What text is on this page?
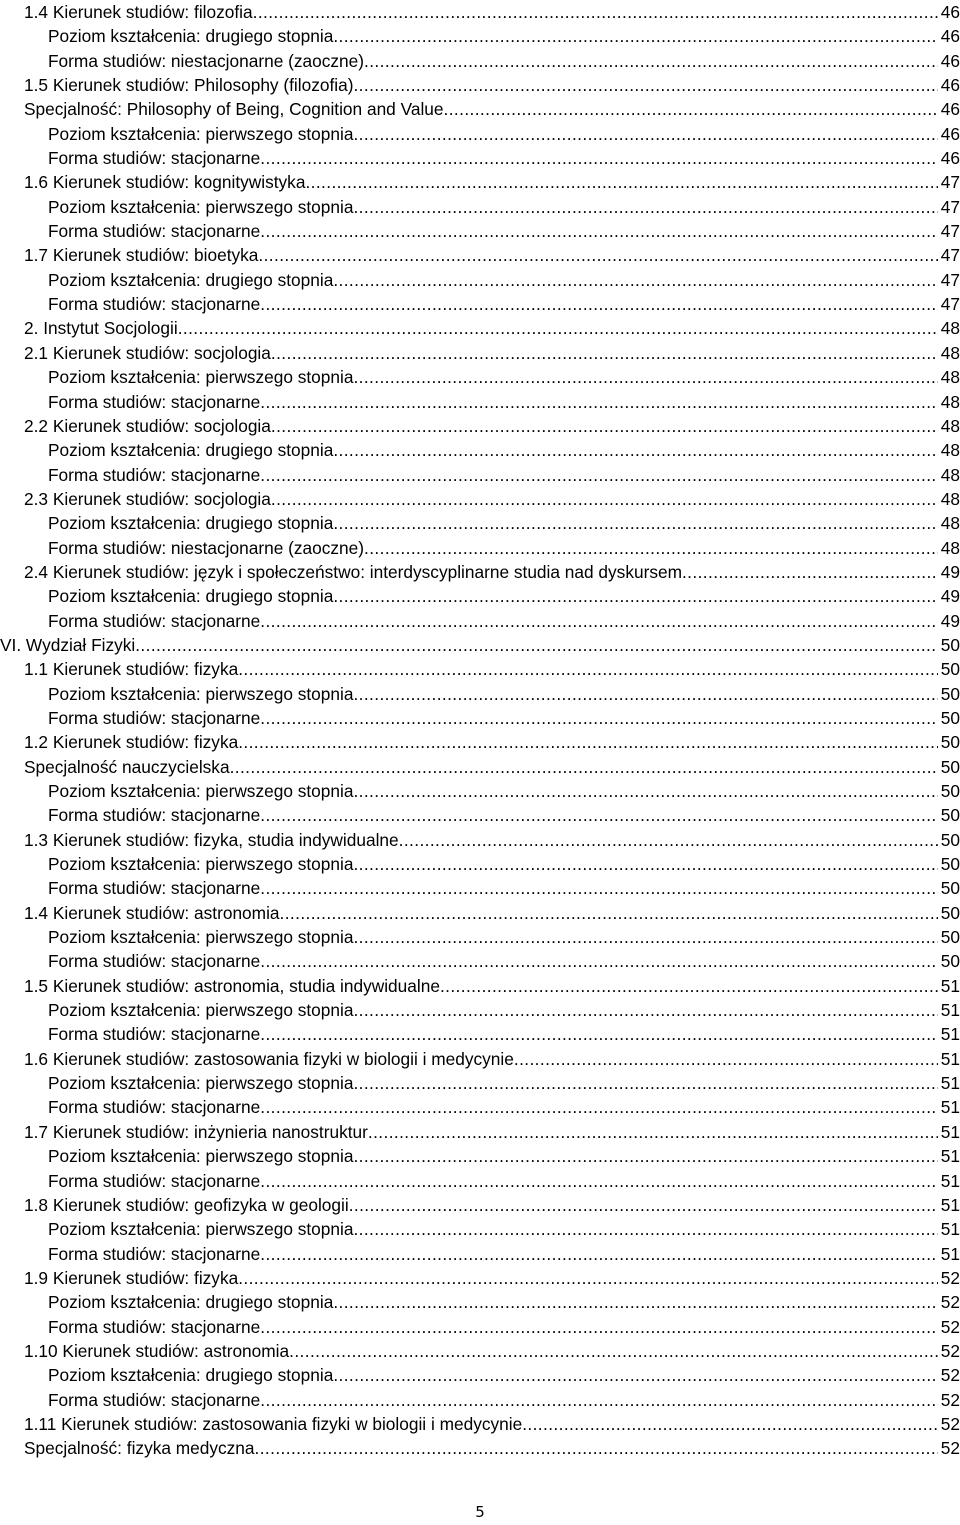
1.4 Kierunek studiów: filozofia . . .	46
Poziom kształcenia: drugiego stopnia . . .	46
Forma studiów: niestacjonarne (zaoczne) . . .	46
1.5 Kierunek studiów: Philosophy (filozofia) . . .	46
Specjalność: Philosophy of Being, Cognition and Value . . .	46
Poziom kształcenia: pierwszego stopnia . . .	46
Forma studiów: stacjonarne . . .	46
1.6 Kierunek studiów: kognitywistyka . . .	47
Poziom kształcenia: pierwszego stopnia . . .	47
Forma studiów: stacjonarne . . .	47
1.7 Kierunek studiów: bioetyka . . .	47
Poziom kształcenia: drugiego stopnia . . .	47
Forma studiów: stacjonarne . . .	47
2. Instytut Socjologii . . .	48
2.1 Kierunek studiów: socjologia . . .	48
Poziom kształcenia: pierwszego stopnia . . .	48
Forma studiów: stacjonarne . . .	48
2.2 Kierunek studiów: socjologia . . .	48
Poziom kształcenia: drugiego stopnia . . .	48
Forma studiów: stacjonarne . . .	48
2.3 Kierunek studiów: socjologia . . .	48
Poziom kształcenia: drugiego stopnia . . .	48
Forma studiów: niestacjonarne (zaoczne) . . .	48
2.4 Kierunek studiów: język i społeczeństwo: interdyscyplinarne studia nad dyskursem . . .	49
Poziom kształcenia: drugiego stopnia . . .	49
Forma studiów: stacjonarne . . .	49
VI. Wydział Fizyki . . .	50
1.1 Kierunek studiów: fizyka . . .	50
Poziom kształcenia: pierwszego stopnia . . .	50
Forma studiów: stacjonarne . . .	50
1.2 Kierunek studiów: fizyka . . .	50
Specjalność nauczycielska . . .	50
Poziom kształcenia: pierwszego stopnia . . .	50
Forma studiów: stacjonarne . . .	50
1.3 Kierunek studiów: fizyka, studia indywidualne . . .	50
Poziom kształcenia: pierwszego stopnia . . .	50
Forma studiów: stacjonarne . . .	50
1.4 Kierunek studiów: astronomia . . .	50
Poziom kształcenia: pierwszego stopnia . . .	50
Forma studiów: stacjonarne . . .	50
1.5 Kierunek studiów: astronomia, studia indywidualne . . .	51
Poziom kształcenia: pierwszego stopnia . . .	51
Forma studiów: stacjonarne . . .	51
1.6 Kierunek studiów: zastosowania fizyki w biologii i medycynie . . .	51
Poziom kształcenia: pierwszego stopnia . . .	51
Forma studiów: stacjonarne . . .	51
1.7 Kierunek studiów: inżynieria nanostruktur . . .	51
Poziom kształcenia: pierwszego stopnia . . .	51
Forma studiów: stacjonarne . . .	51
1.8 Kierunek studiów: geofizyka w geologii . . .	51
Poziom kształcenia: pierwszego stopnia . . .	51
Forma studiów: stacjonarne . . .	51
1.9 Kierunek studiów: fizyka . . .	52
Poziom kształcenia: drugiego stopnia . . .	52
Forma studiów: stacjonarne . . .	52
1.10 Kierunek studiów: astronomia . . .	52
Poziom kształcenia: drugiego stopnia . . .	52
Forma studiów: stacjonarne . . .	52
1.11 Kierunek studiów: zastosowania fizyki w biologii i medycynie . . .	52
Specjalność: fizyka medyczna . . .	52
5
